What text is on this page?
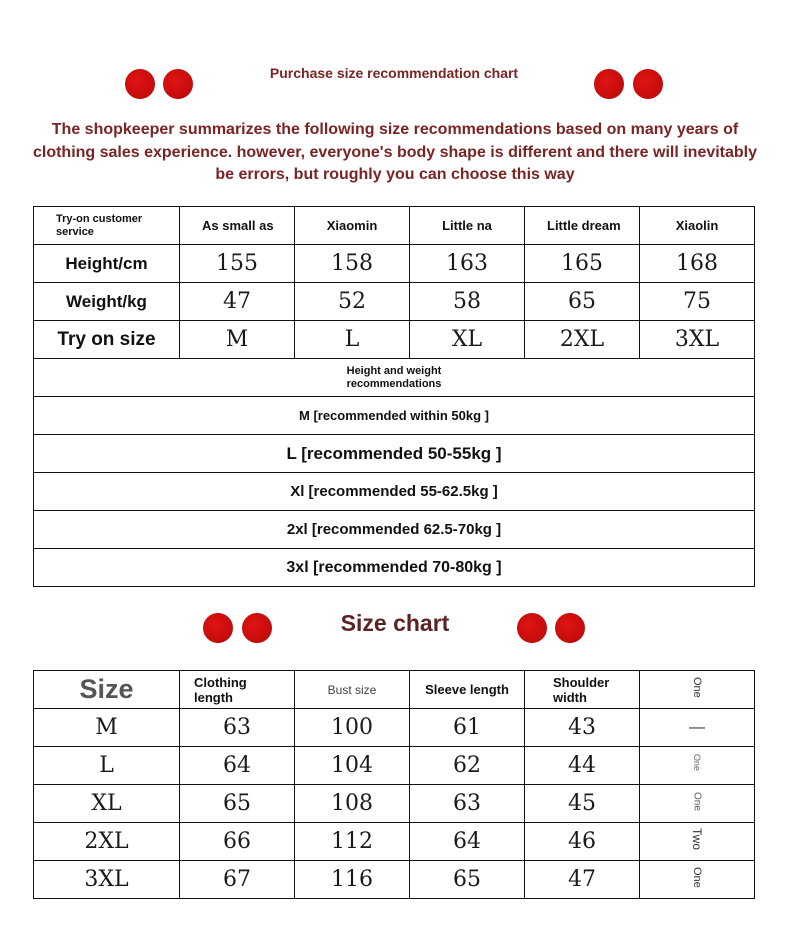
Purchase size recommendation chart
The shopkeeper summarizes the following size recommendations based on many years of clothing sales experience. however, everyone's body shape is different and there will inevitably be errors, but roughly you can choose this way
Try-on customer service	As small as	Xiaomin	Little na	Little dream	Xiaolin
Height/cm	155	158	163	165	168
Weight/kg	47	52	58	65	75
Try on size	M	L	XL	2XL	3XL
Height and weight recommendations					
M [recommended within 50kg ]					
L [recommended 50-55kg ]					
Xl [recommended 55-62.5kg ]					
2xl [recommended 62.5-70kg ]					
3xl [recommended 70-80kg ]					
Size chart
Size	Clothing length	Bust size	Sleeve length	Shoulder width	One
M	63	100	61	43	—
L	64	104	62	44	One
XL	65	108	63	45	One
2XL	66	112	64	46	Two
3XL	67	116	65	47	One
